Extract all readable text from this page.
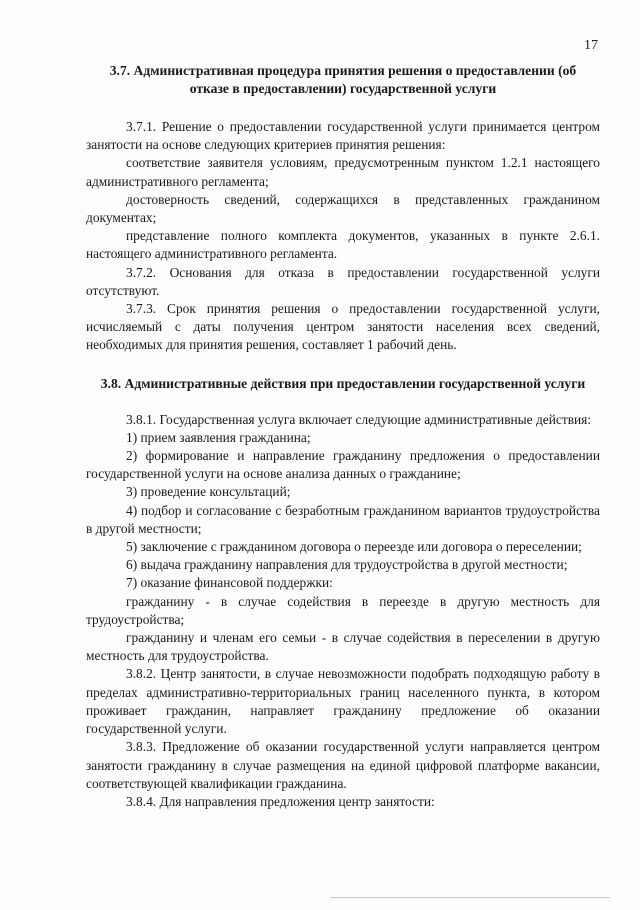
17
3.7. Административная процедура принятия решения о предоставлении (об отказе в предоставлении) государственной услуги

3.7.1. Решение о предоставлении государственной услуги принимается центром занятости на основе следующих критериев принятия решения:

соответствие заявителя условиям, предусмотренным пунктом 1.2.1 настоящего административного регламента;

достоверность сведений, содержащихся в представленных гражданином документах;

представление полного комплекта документов, указанных в пункте 2.6.1. настоящего административного регламента.

3.7.2. Основания для отказа в предоставлении государственной услуги отсутствуют.

3.7.3. Срок принятия решения о предоставлении государственной услуги, исчисляемый с даты получения центром занятости населения всех сведений, необходимых для принятия решения, составляет 1 рабочий день.

3.8. Административные действия при предоставлении государственной услуги

3.8.1. Государственная услуга включает следующие административные действия:

1) прием заявления гражданина;

2) формирование и направление гражданину предложения о предоставлении государственной услуги на основе анализа данных о гражданине;

3) проведение консультаций;

4) подбор и согласование с безработным гражданином вариантов трудоустройства в другой местности;

5) заключение с гражданином договора о переезде или договора о переселении;

6) выдача гражданину направления для трудоустройства в другой местности;

7) оказание финансовой поддержки:

гражданину - в случае содействия в переезде в другую местность для трудоустройства;

гражданину и членам его семьи - в случае содействия в переселении в другую местность для трудоустройства.

3.8.2. Центр занятости, в случае невозможности подобрать подходящую работу в пределах административно-территориальных границ населенного пункта, в котором проживает гражданин, направляет гражданину предложение об оказании государственной услуги.

3.8.3. Предложение об оказании государственной услуги направляется центром занятости гражданину в случае размещения на единой цифровой платформе вакансии, соответствующей квалификации гражданина.

3.8.4. Для направления предложения центр занятости:
